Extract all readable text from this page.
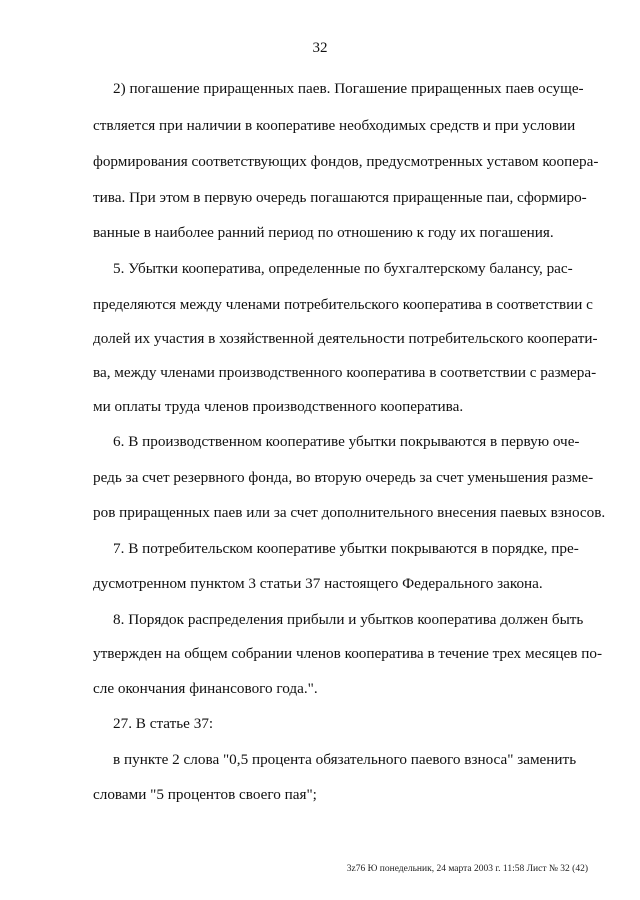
32
2) погашение приращенных паев. Погашение приращенных паев осуще-
ствляется при наличии в кооперативе необходимых средств и при условии
формирования соответствующих фондов, предусмотренных уставом коопера-
тива. При этом в первую очередь погашаются приращенные паи, сформиро-
ванные в наиболее ранний период по отношению к году их погашения.
5. Убытки кооператива, определенные по бухгалтерскому балансу, рас-
пределяются между членами потребительского кооператива в соответствии с
долей их участия в хозяйственной деятельности потребительского кооперати-
ва, между членами производственного кооператива в соответствии с размера-
ми оплаты труда членов производственного кооператива.
6. В производственном кооперативе убытки покрываются в первую оче-
редь за счет резервного фонда, во вторую очередь за счет уменьшения разме-
ров приращенных паев или за счет дополнительного внесения паевых взносов.
7. В потребительском кооперативе убытки покрываются в порядке, пре-
дусмотренном пунктом 3 статьи 37 настоящего Федерального закона.
8. Порядок распределения прибыли и убытков кооператива должен быть
утвержден на общем собрании членов кооператива в течение трех месяцев по-
сле окончания финансового года.".
27. В статье 37:
в пункте 2 слова "0,5 процента обязательного паевого взноса" заменить
словами "5 процентов своего пая";
3z76 Ю понедельник, 24 марта 2003 г. 11:58 Лист № 32 (42)
